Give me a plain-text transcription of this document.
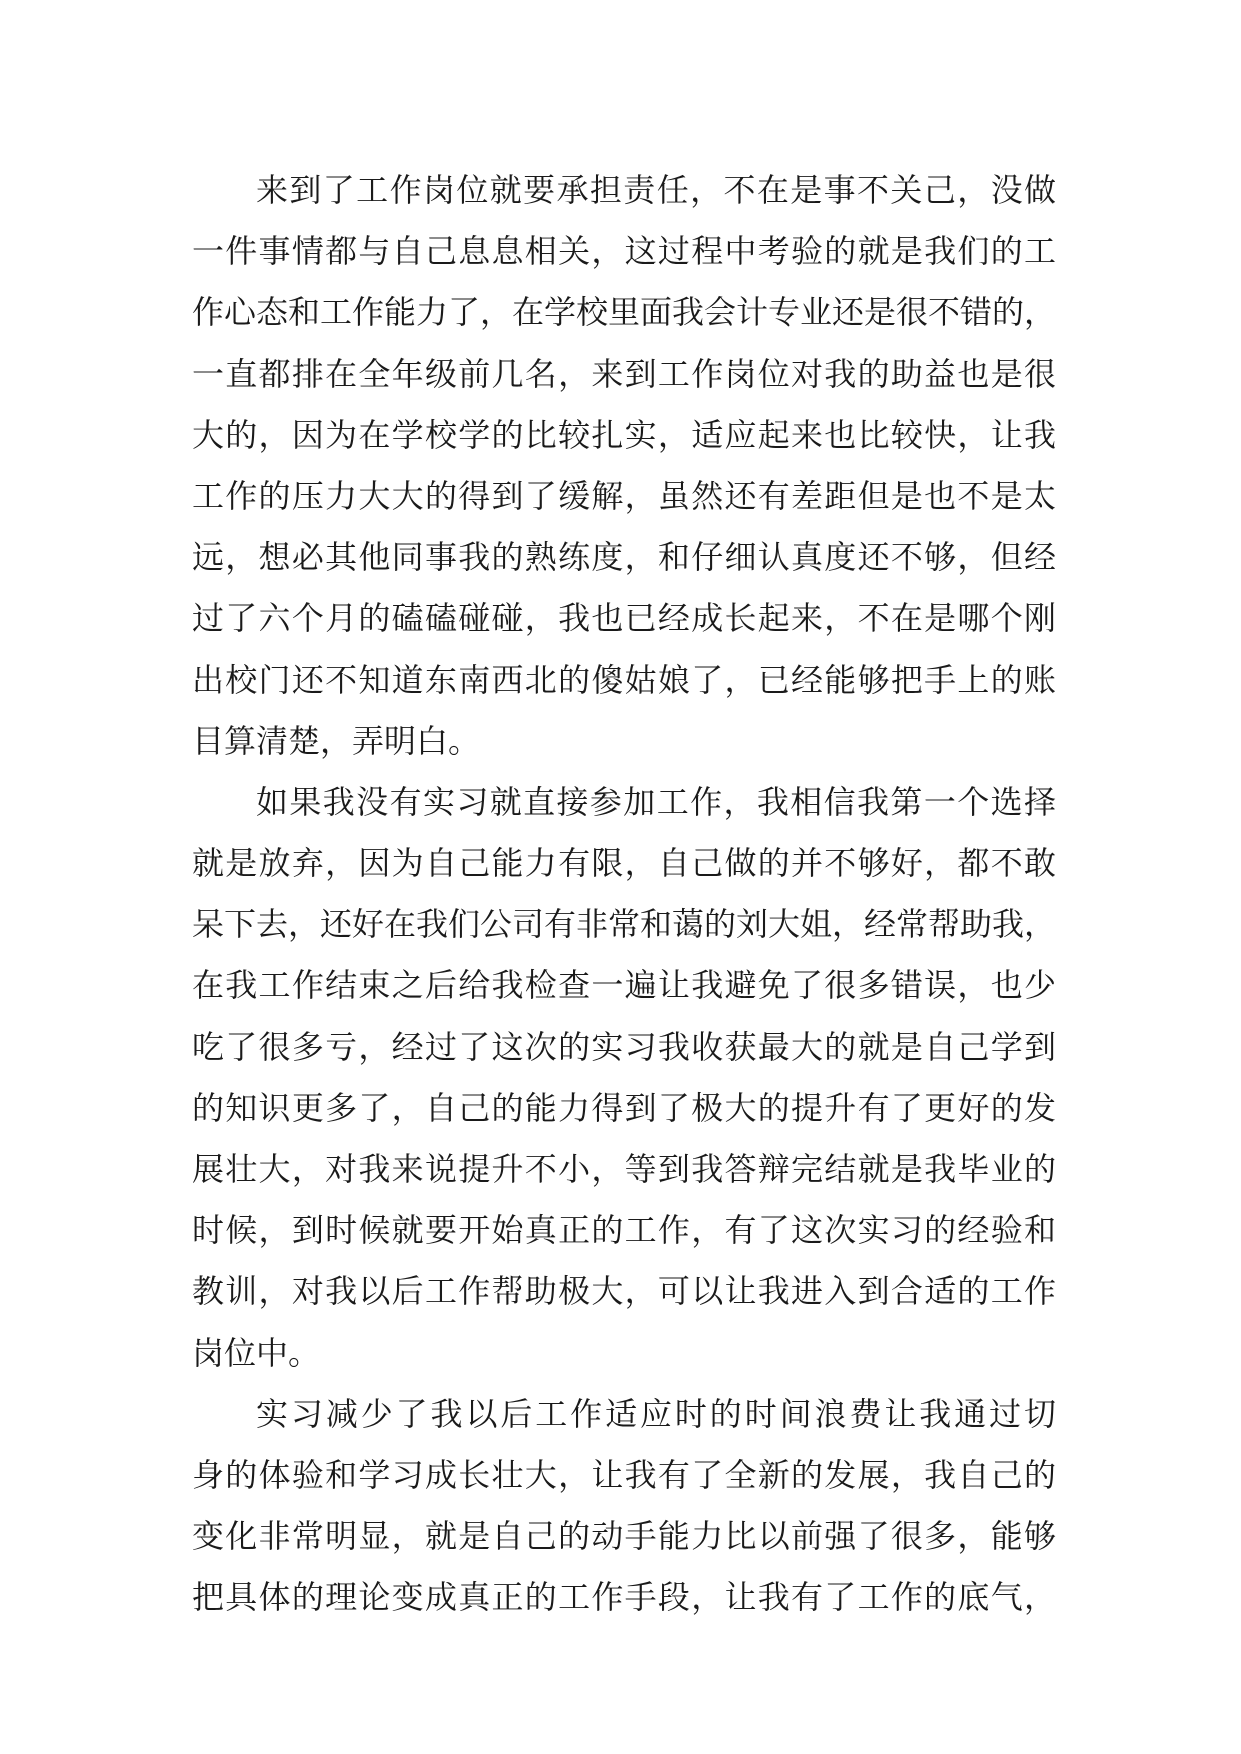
来到了工作岗位就要承担责任，不在是事不关己，没做
一件事情都与自己息息相关，这过程中考验的就是我们的工
作心态和工作能力了，在学校里面我会计专业还是很不错的，
一直都排在全年级前几名，来到工作岗位对我的助益也是很
大的，因为在学校学的比较扎实，适应起来也比较快，让我
工作的压力大大的得到了缓解，虽然还有差距但是也不是太
远，想必其他同事我的熟练度，和仔细认真度还不够，但经
过了六个月的磕磕碰碰，我也已经成长起来，不在是哪个刚
出校门还不知道东南西北的傻姑娘了，已经能够把手上的账
目算清楚，弄明白。
如果我没有实习就直接参加工作，我相信我第一个选择
就是放弃，因为自己能力有限，自己做的并不够好，都不敢
呆下去，还好在我们公司有非常和蔼的刘大姐，经常帮助我，
在我工作结束之后给我检查一遍让我避免了很多错误，也少
吃了很多亏，经过了这次的实习我收获最大的就是自己学到
的知识更多了，自己的能力得到了极大的提升有了更好的发
展壮大，对我来说提升不小，等到我答辩完结就是我毕业的
时候，到时候就要开始真正的工作，有了这次实习的经验和
教训，对我以后工作帮助极大，可以让我进入到合适的工作
岗位中。
实习减少了我以后工作适应时的时间浪费让我通过切
身的体验和学习成长壮大，让我有了全新的发展，我自己的
变化非常明显，就是自己的动手能力比以前强了很多，能够
把具体的理论变成真正的工作手段，让我有了工作的底气，
